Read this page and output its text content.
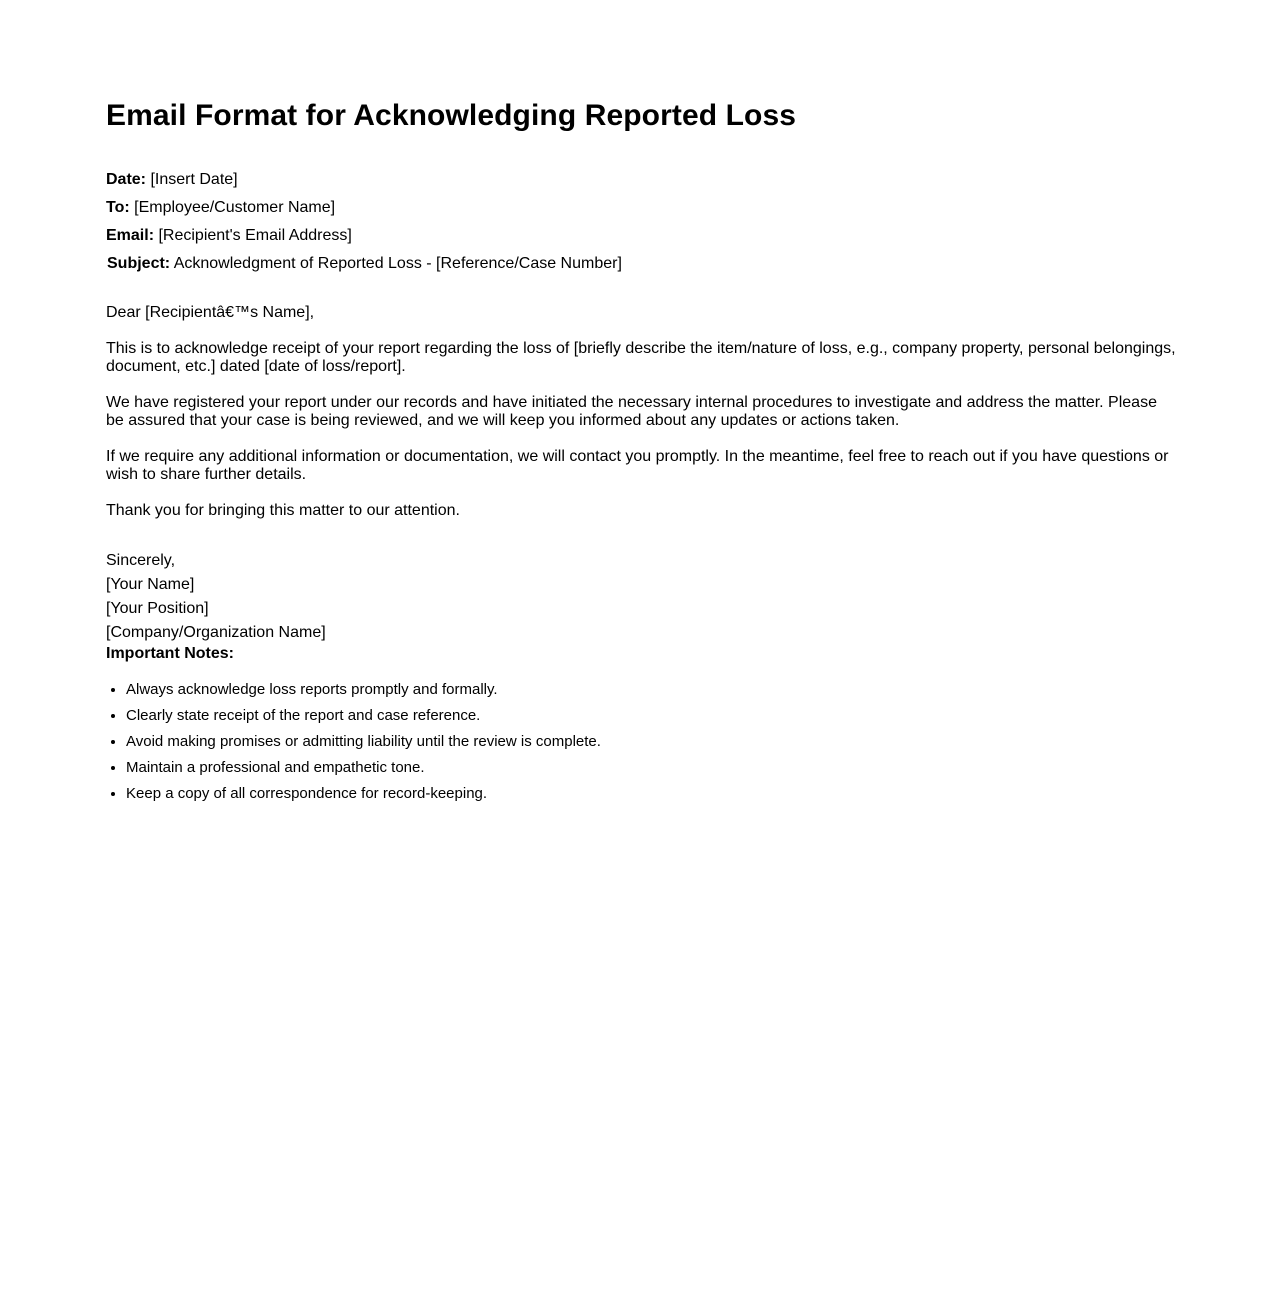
Email Format for Acknowledging Reported Loss
Date: [Insert Date]
To: [Employee/Customer Name]
Email: [Recipient's Email Address]
Subject: Acknowledgment of Reported Loss - [Reference/Case Number]

Dear [Recipientâ€™s Name],

This is to acknowledge receipt of your report regarding the loss of [briefly describe the item/nature of loss, e.g., company property, personal belongings, document, etc.] dated [date of loss/report].

We have registered your report under our records and have initiated the necessary internal procedures to investigate and address the matter. Please be assured that your case is being reviewed, and we will keep you informed about any updates or actions taken.

If we require any additional information or documentation, we will contact you promptly. In the meantime, feel free to reach out if you have questions or wish to share further details.

Thank you for bringing this matter to our attention.

Sincerely,
[Your Name]
[Your Position]
[Company/Organization Name]
Important Notes:
• Always acknowledge loss reports promptly and formally.
• Clearly state receipt of the report and case reference.
• Avoid making promises or admitting liability until the review is complete.
• Maintain a professional and empathetic tone.
• Keep a copy of all correspondence for record-keeping.
